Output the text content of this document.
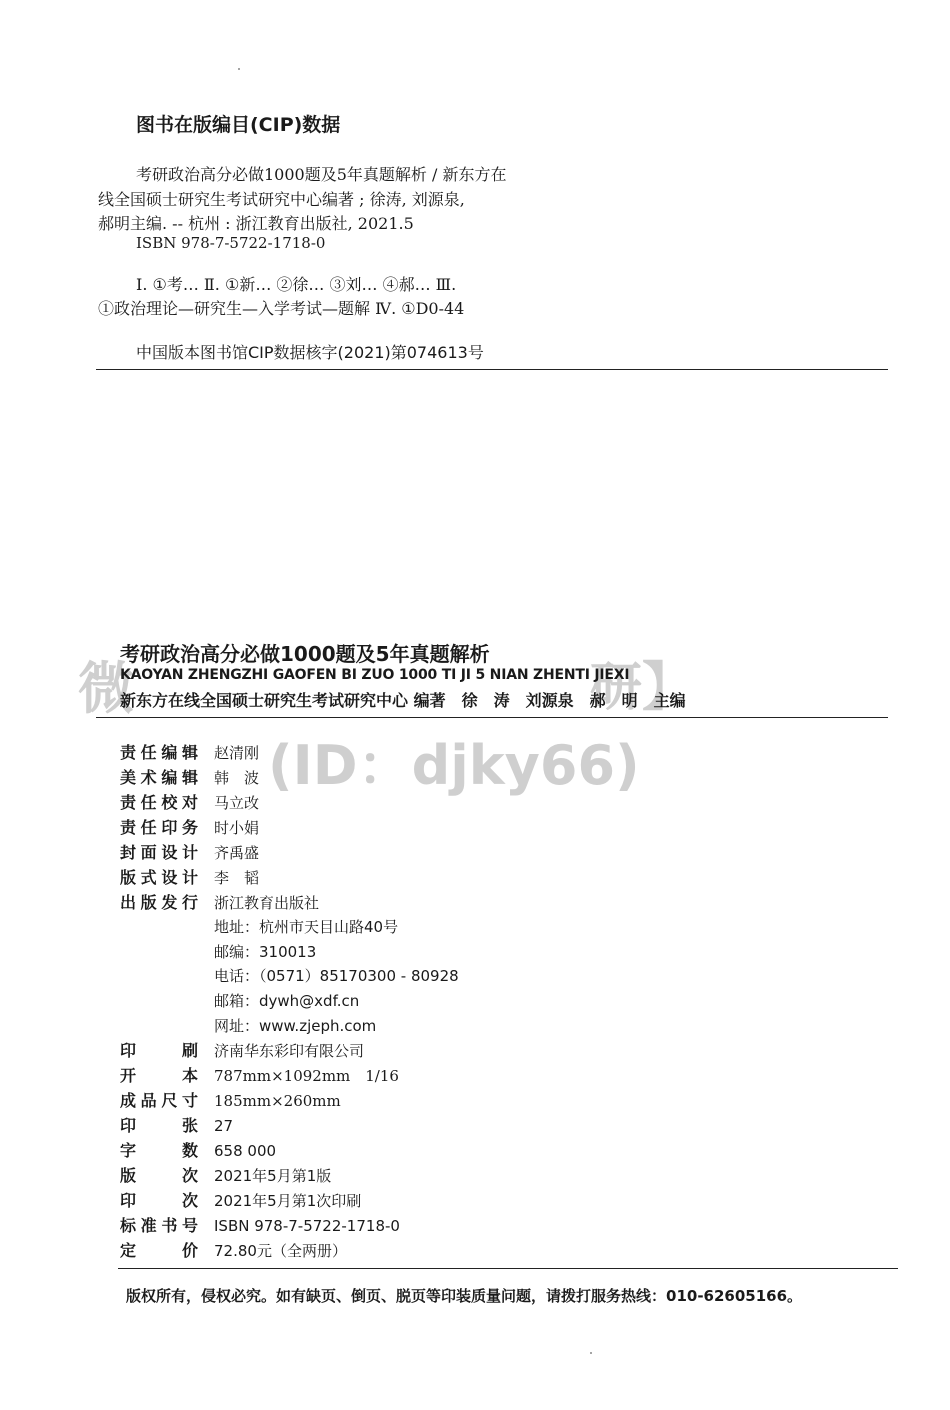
图书在版编目(CIP)数据
考研政治高分必做1000题及5年真题解析 / 新东方在
线全国硕士研究生考试研究中心编著 ; 徐涛, 刘源泉,
郝明主编. -- 杭州 : 浙江教育出版社, 2021.5
ISBN 978-7-5722-1718-0
Ⅰ. ①考… Ⅱ. ①新… ②徐… ③刘… ④郝… Ⅲ.
①政治理论—研究生—入学考试—题解 Ⅳ. ①D0-44
中国版本图书馆CIP数据核字(2021)第074613号
微	研】
(ID：djky66)
考研政治高分必做1000题及5年真题解析
KAOYAN ZHENGZHI GAOFEN BI ZUO 1000 TI JI 5 NIAN ZHENTI JIEXI
新东方在线全国硕士研究生考试研究中心 编著　徐　涛　刘源泉　郝　明　主编
责任编辑 赵清刚
美术编辑 韩　波
责任校对 马立改
责任印务 时小娟
封面设计 齐禹盛
版式设计 李　韬
出版发行 浙江教育出版社
地址：杭州市天目山路40号
邮编：310013
电话：（0571）85170300 - 80928
邮箱：dywh@xdf.cn
网址：www.zjeph.com
印刷 济南华东彩印有限公司
开本 787mm×1092mm　1/16
成品尺寸 185mm×260mm
印张 27
字数 658 000
版次 2021年5月第1版
印次 2021年5月第1次印刷
标准书号 ISBN 978-7-5722-1718-0
定价 72.80元（全两册）
版权所有，侵权必究。如有缺页、倒页、脱页等印装质量问题，请拨打服务热线：010-62605166。
